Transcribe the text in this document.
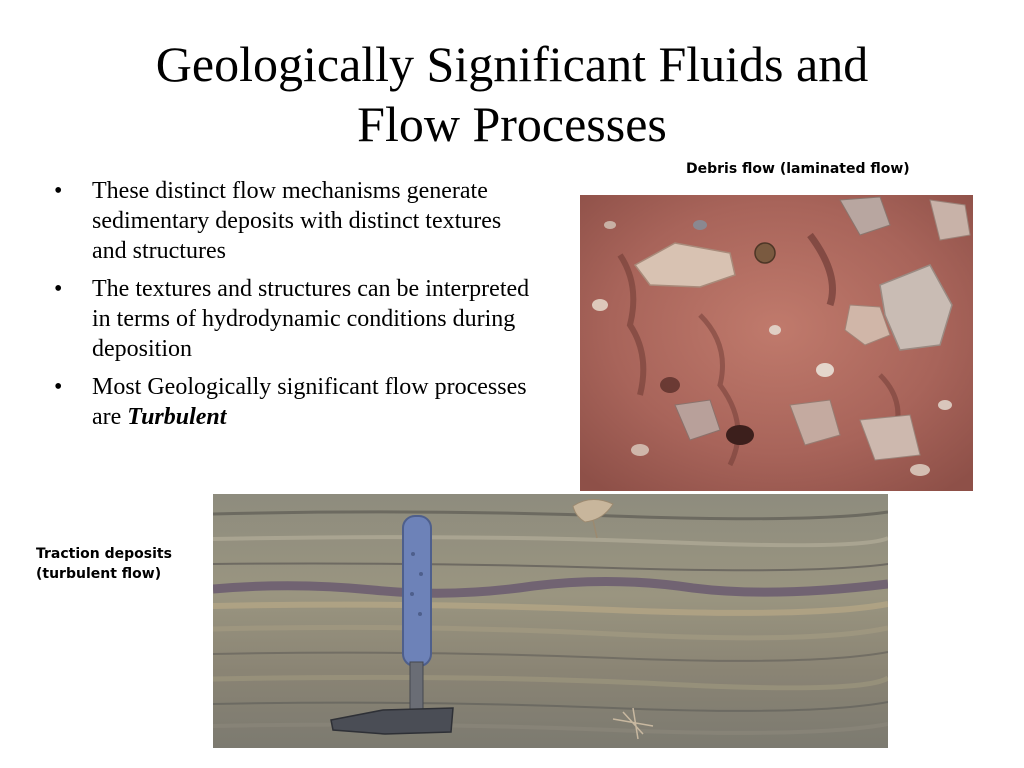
Geologically Significant Fluids and
Flow Processes
• These distinct flow mechanisms generate sedimentary deposits with distinct textures and structures
• The textures and structures can be interpreted in terms of hydrodynamic conditions during deposition
• Most Geologically significant flow processes are Turbulent
Debris flow (laminated flow)
Traction deposits
(turbulent flow)
